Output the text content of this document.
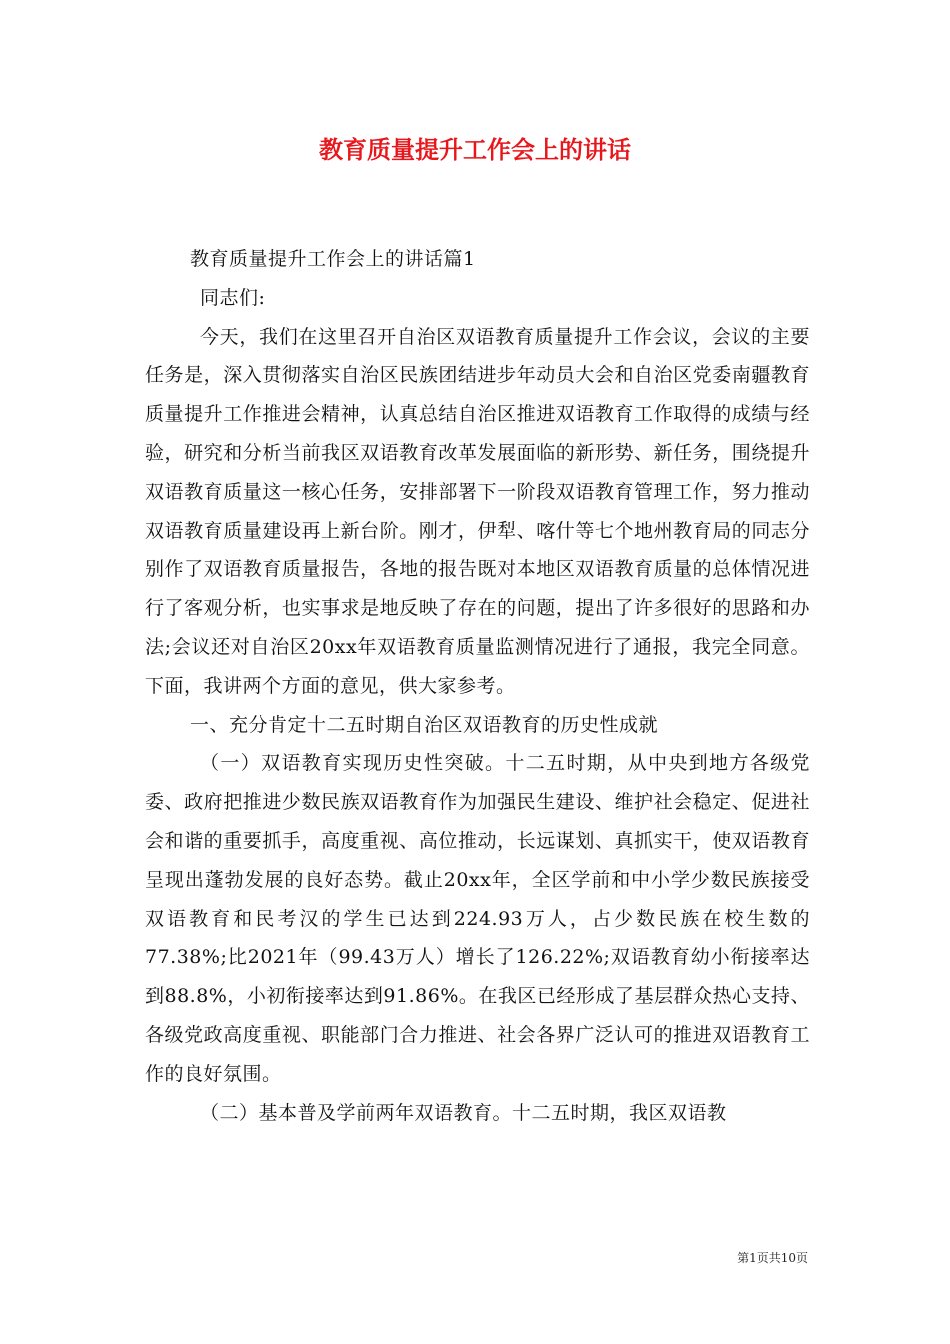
教育质量提升工作会上的讲话

教育质量提升工作会上的讲话篇1

同志们:

今天，我们在这里召开自治区双语教育质量提升工作会议，会议的主要任务是，深入贯彻落实自治区民族团结进步年动员大会和自治区党委南疆教育质量提升工作推进会精神，认真总结自治区推进双语教育工作取得的成绩与经验，研究和分析当前我区双语教育改革发展面临的新形势、新任务，围绕提升双语教育质量这一核心任务，安排部署下一阶段双语教育管理工作，努力推动双语教育质量建设再上新台阶。刚才，伊犁、喀什等七个地州教育局的同志分别作了双语教育质量报告，各地的报告既对本地区双语教育质量的总体情况进行了客观分析，也实事求是地反映了存在的问题，提出了许多很好的思路和办法;会议还对自治区20xx年双语教育质量监测情况进行了通报，我完全同意。下面，我讲两个方面的意见，供大家参考。

一、充分肯定十二五时期自治区双语教育的历史性成就

（一）双语教育实现历史性突破。十二五时期，从中央到地方各级党委、政府把推进少数民族双语教育作为加强民生建设、维护社会稳定、促进社会和谐的重要抓手，高度重视、高位推动，长远谋划、真抓实干，使双语教育呈现出蓬勃发展的良好态势。截止20xx年，全区学前和中小学少数民族接受双语教育和民考汉的学生已达到224.93万人，占少数民族在校生数的77.38%;比2021年（99.43万人）增长了126.22%;双语教育幼小衔接率达到88.8%，小初衔接率达到91.86%。在我区已经形成了基层群众热心支持、各级党政高度重视、职能部门合力推进、社会各界广泛认可的推进双语教育工作的良好氛围。

（二）基本普及学前两年双语教育。十二五时期，我区双语教

第1页共10页
